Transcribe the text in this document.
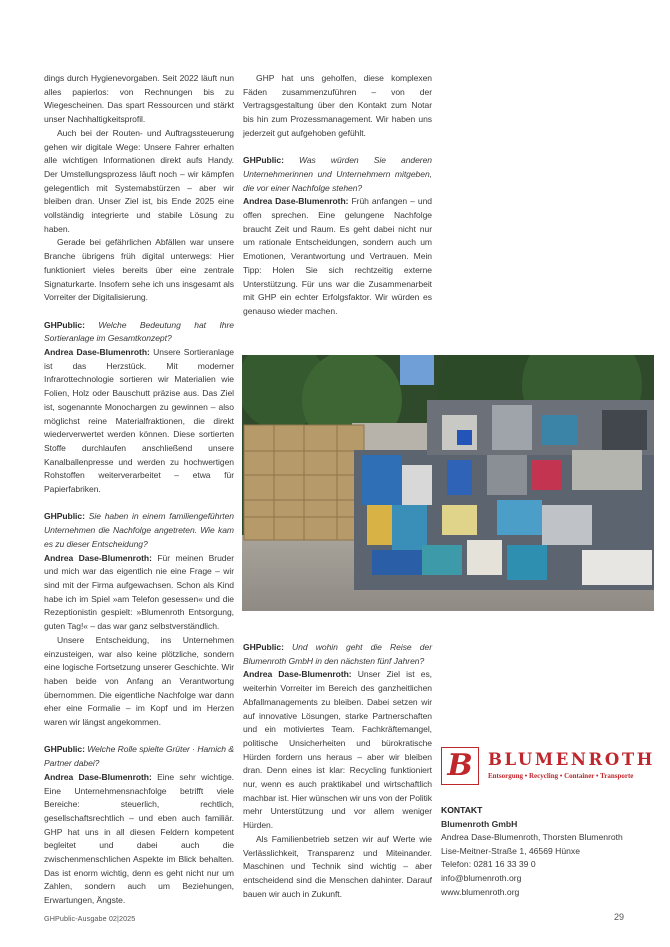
dings durch Hygienevorgaben. Seit 2022 läuft nun alles papierlos: von Rechnungen bis zu Wiegescheinen. Das spart Ressourcen und stärkt unser Nachhaltigkeitsprofil.

Auch bei der Routen- und Auftragssteuerung gehen wir digitale Wege: Unsere Fahrer erhalten alle wichtigen Informationen direkt aufs Handy. Der Umstellungsprozess läuft noch – wir kämpfen gelegentlich mit Systemabstürzen – aber wir bleiben dran. Unser Ziel ist, bis Ende 2025 eine vollständig integrierte und stabile Lösung zu haben.

Gerade bei gefährlichen Abfällen war unsere Branche übrigens früh digital unterwegs: Hier funktioniert vieles bereits über eine zentrale Signaturkarte. Insofern sehe ich uns insgesamt als Vorreiter der Digitalisierung.

GHPublic: Welche Bedeutung hat Ihre Sortieranlage im Gesamtkonzept?

Andrea Dase-Blumenroth: Unsere Sortieranlage ist das Herzstück. Mit moderner Infrarottechnologie sortieren wir Materialien wie Folien, Holz oder Bauschutt präzise aus. Das Ziel ist, sogenannte Monochargen zu gewinnen – also möglichst reine Materialfraktionen, die direkt wiederverwertet werden können. Diese sortierten Stoffe durchlaufen anschließend unsere Kanalballenpresse und werden zu hochwertigen Rohstoffen weiterverarbeitet – etwa für Papierfabriken.

GHPublic: Sie haben in einem familiengeführten Unternehmen die Nachfolge angetreten. Wie kam es zu dieser Entscheidung?

Andrea Dase-Blumenroth: Für meinen Bruder und mich war das eigentlich nie eine Frage – wir sind mit der Firma aufgewachsen. Schon als Kind habe ich im Spiel »am Telefon gesessen« und die Rezeptionistin gespielt: »Blumenroth Entsorgung, guten Tag!« – das war ganz selbstverständlich.

Unsere Entscheidung, ins Unternehmen einzusteigen, war also keine plötzliche, sondern eine logische Fortsetzung unserer Geschichte. Wir haben beide von Anfang an Verantwortung übernommen. Die eigentliche Nachfolge war dann eher eine Formalie – im Kopf und im Herzen waren wir längst angekommen.

GHPublic: Welche Rolle spielte Grüter · Hamich & Partner dabei?

Andrea Dase-Blumenroth: Eine sehr wichtige. Eine Unternehmensnachfolge betrifft viele Bereiche: steuerlich, rechtlich, gesellschaftsrechtlich – und eben auch familiär. GHP hat uns in all diesen Feldern kompetent begleitet und dabei auch die zwischenmenschlichen Aspekte im Blick behalten. Das ist enorm wichtig, denn es geht nicht nur um Zahlen, sondern auch um Beziehungen, Erwartungen, Ängste.

GHP hat uns geholfen, diese komplexen Fäden zusammenzuführen – von der Vertragsgestaltung über den Kontakt zum Notar bis hin zum Prozessmanagement. Wir haben uns jederzeit gut aufgehoben gefühlt.

GHPublic: Was würden Sie anderen Unternehmerinnen und Unternehmern mitgeben, die vor einer Nachfolge stehen?

Andrea Dase-Blumenroth: Früh anfangen – und offen sprechen. Eine gelungene Nachfolge braucht Zeit und Raum. Es geht dabei nicht nur um rationale Entscheidungen, sondern auch um Emotionen, Verantwortung und Vertrauen. Mein Tipp: Holen Sie sich rechtzeitig externe Unterstützung. Für uns war die Zusammenarbeit mit GHP ein echter Erfolgsfaktor. Wir würden es genauso wieder machen.

GHPublic: Und wohin geht die Reise der Blumenroth GmbH in den nächsten fünf Jahren?

Andrea Dase-Blumenroth: Unser Ziel ist es, weiterhin Vorreiter im Bereich des ganzheitlichen Abfallmanagements zu bleiben. Dabei setzen wir auf innovative Lösungen, starke Partnerschaften und ein motiviertes Team. Fachkräftemangel, politische Unsicherheiten und bürokratische Hürden fordern uns heraus – aber wir bleiben dran. Denn eines ist klar: Recycling funktioniert nur, wenn es auch praktikabel und wirtschaftlich machbar ist. Hier wünschen wir uns von der Politik mehr Unterstützung und vor allem weniger Hürden.

Als Familienbetrieb setzen wir auf Werte wie Verlässlichkeit, Transparenz und Miteinander. Maschinen und Technik sind wichtig – aber entscheidend sind die Menschen dahinter. Darauf bauen wir auch in Zukunft.

B BLUMENROTH
Entsorgung • Recycling • Container • Transporte
KONTAKT
Blumenroth GmbH
Andrea Dase-Blumenroth, Thorsten Blumenroth
Lise-Meitner-Straße 1, 46569 Hünxe
Telefon: 0281 16 33 39 0
info@blumenroth.org
www.blumenroth.org
GHPublic-Ausgabe 02|2025	29
